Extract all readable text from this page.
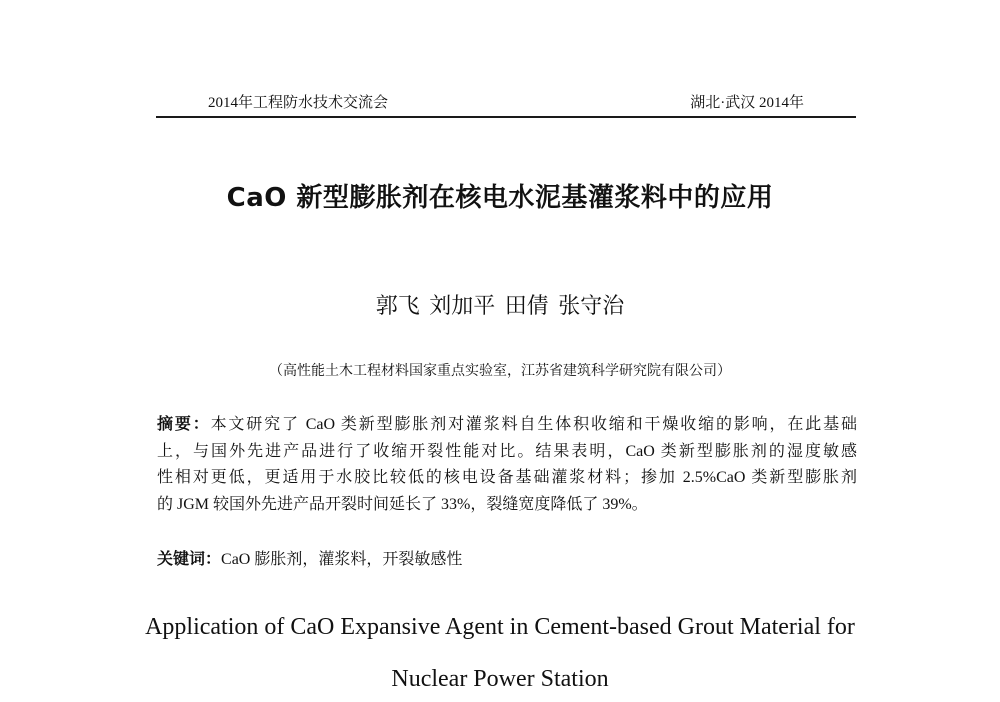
2014年工程防水技术交流会	湖北·武汉 2014年
CaO 新型膨胀剂在核电水泥基灌浆料中的应用
郭飞 刘加平 田倩 张守治
（高性能土木工程材料国家重点实验室，江苏省建筑科学研究院有限公司）
摘要：本文研究了 CaO 类新型膨胀剂对灌浆料自生体积收缩和干燥收缩的影响，在此基础
上，与国外先进产品进行了收缩开裂性能对比。结果表明，CaO 类新型膨胀剂的湿度敏感
性相对更低，更适用于水胶比较低的核电设备基础灌浆材料；掺加 2.5%CaO 类新型膨胀剂
的 JGM 较国外先进产品开裂时间延长了 33%，裂缝宽度降低了 39%。
关键词：CaO 膨胀剂，灌浆料，开裂敏感性
Application of CaO Expansive Agent in Cement-based Grout Material for
Nuclear Power Station
